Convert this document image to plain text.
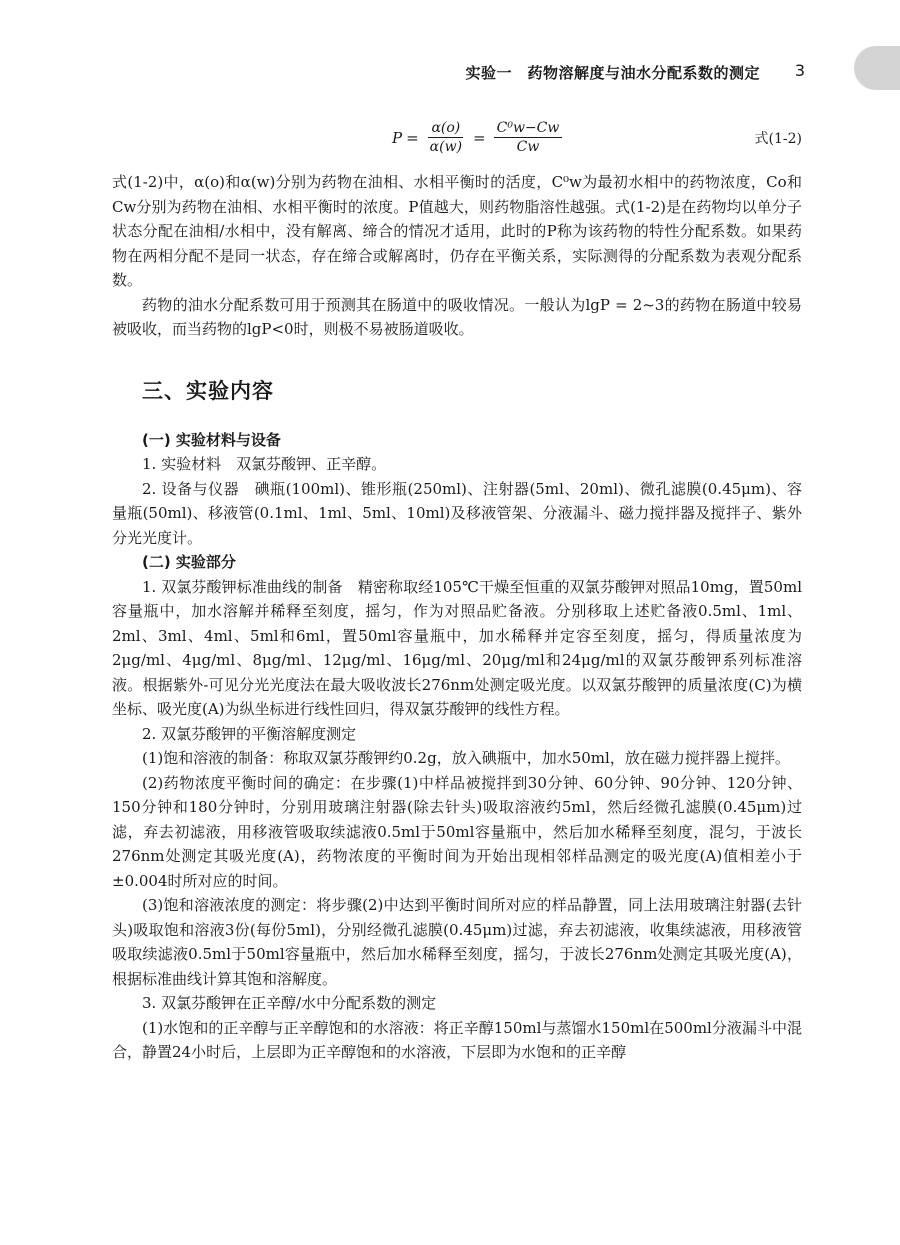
实验一　药物溶解度与油水分配系数的测定 3
$P = \frac{\alpha(o)}{\alpha(w)} = \frac{\text{C⁰w−Cw}}{Cw}$	式(1-2)

式(1-2)中，α(o)和α(w)分别为药物在油相、水相平衡时的活度，C⁰w为最初水相中的药物浓度，Co和Cw分别为药物在油相、水相平衡时的浓度。P值越大，则药物脂溶性越强。式(1-2)是在药物均以单分子状态分配在油相/水相中，没有解离、缔合的情况才适用，此时的P称为该药物的特性分配系数。如果药物在两相分配不是同一状态，存在缔合或解离时，仍存在平衡关系，实际测得的分配系数为表观分配系数。

药物的油水分配系数可用于预测其在肠道中的吸收情况。一般认为lgP = 2~3的药物在肠道中较易被吸收，而当药物的lgP<0时，则极不易被肠道吸收。

三、实验内容
(一) 实验材料与设备

1. 实验材料　双氯芬酸钾、正辛醇。

2. 设备与仪器　碘瓶(100ml)、锥形瓶(250ml)、注射器(5ml、20ml)、微孔滤膜(0.45μm)、容量瓶(50ml)、移液管(0.1ml、1ml、5ml、10ml)及移液管架、分液漏斗、磁力搅拌器及搅拌子、紫外分光光度计。

(二) 实验部分

1. 双氯芬酸钾标准曲线的制备　精密称取经105℃干燥至恒重的双氯芬酸钾对照品10mg，置50ml容量瓶中，加水溶解并稀释至刻度，摇匀，作为对照品贮备液。分别移取上述贮备液0.5ml、1ml、2ml、3ml、4ml、5ml和6ml，置50ml容量瓶中，加水稀释并定容至刻度，摇匀，得质量浓度为2μg/ml、4μg/ml、8μg/ml、12μg/ml、16μg/ml、20μg/ml和24μg/ml的双氯芬酸钾系列标准溶液。根据紫外-可见分光光度法在最大吸收波长276nm处测定吸光度。以双氯芬酸钾的质量浓度(C)为横坐标、吸光度(A)为纵坐标进行线性回归，得双氯芬酸钾的线性方程。

2. 双氯芬酸钾的平衡溶解度测定

(1)饱和溶液的制备：称取双氯芬酸钾约0.2g，放入碘瓶中，加水50ml，放在磁力搅拌器上搅拌。

(2)药物浓度平衡时间的确定：在步骤(1)中样品被搅拌到30分钟、60分钟、90分钟、120分钟、150分钟和180分钟时，分别用玻璃注射器(除去针头)吸取溶液约5ml，然后经微孔滤膜(0.45μm)过滤，弃去初滤液，用移液管吸取续滤液0.5ml于50ml容量瓶中，然后加水稀释至刻度，混匀，于波长276nm处测定其吸光度(A)，药物浓度的平衡时间为开始出现相邻样品测定的吸光度(A)值相差小于±0.004时所对应的时间。

(3)饱和溶液浓度的测定：将步骤(2)中达到平衡时间所对应的样品静置，同上法用玻璃注射器(去针头)吸取饱和溶液3份(每份5ml)，分别经微孔滤膜(0.45μm)过滤，弃去初滤液，收集续滤液，用移液管吸取续滤液0.5ml于50ml容量瓶中，然后加水稀释至刻度，摇匀，于波长276nm处测定其吸光度(A)，根据标准曲线计算其饱和溶解度。

3. 双氯芬酸钾在正辛醇/水中分配系数的测定

(1)水饱和的正辛醇与正辛醇饱和的水溶液：将正辛醇150ml与蒸馏水150ml在500ml分液漏斗中混合，静置24小时后，上层即为正辛醇饱和的水溶液，下层即为水饱和的正辛醇
